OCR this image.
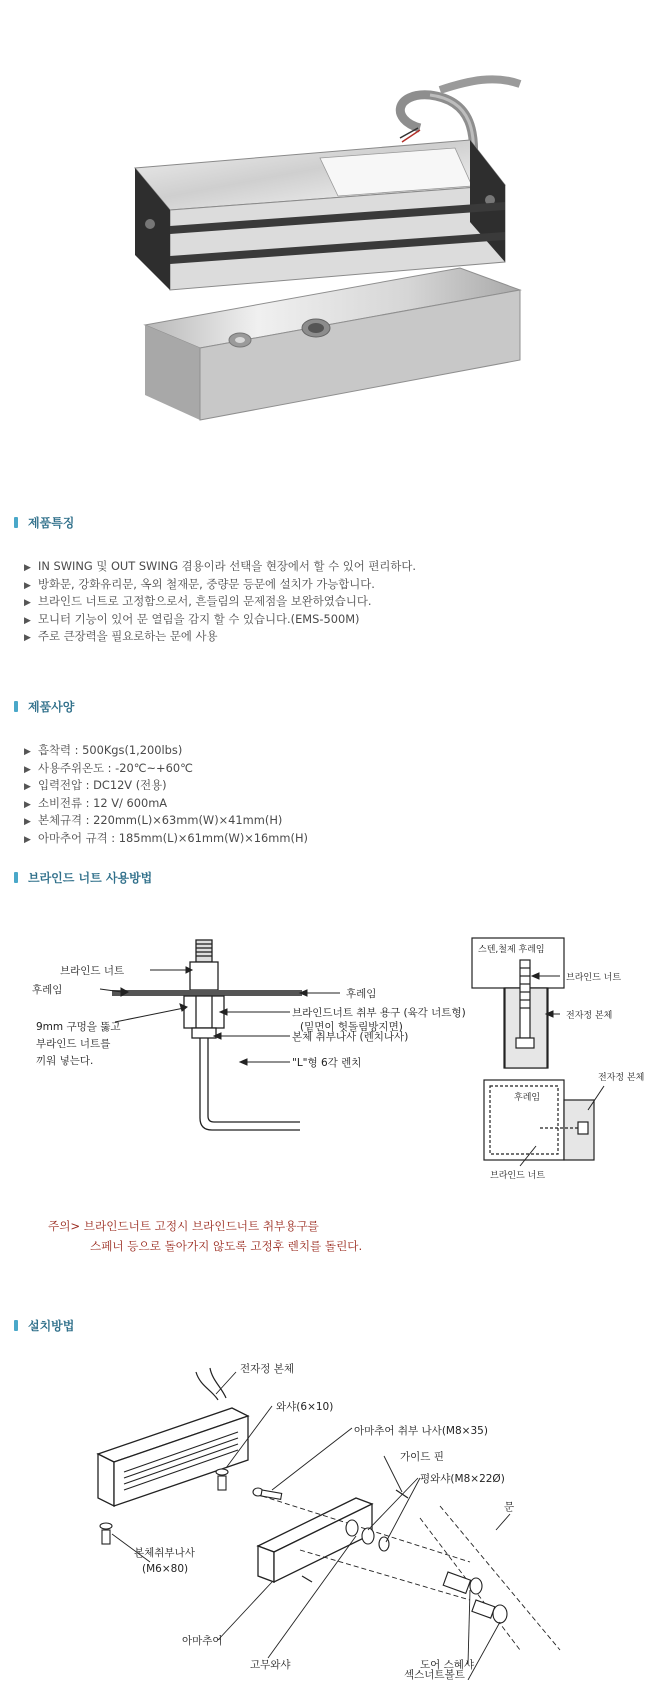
제품특징
▶ IN SWING 및 OUT SWING 겸용이라 선택을 현장에서 할 수 있어 편리하다.
▶ 방화문, 강화유리문, 옥외 철재문, 중량문 등문에 설치가 가능합니다.
▶ 브라인드 너트로 고정함으로서, 흔들림의 문제점을 보완하였습니다.
▶ 모니터 기능이 있어 문 열림을 감지 할 수 있습니다.(EMS-500M)
▶ 주로 큰장력을 필요로하는 문에 사용
제품사양
▶ 흡착력 : 500Kgs(1,200lbs)
▶ 사용주위온도 : -20℃~+60℃
▶ 입력전압 : DC12V (전용)
▶ 소비전류 : 12 V/ 600mA
▶ 본체규격 : 220mm(L)×63mm(W)×41mm(H)
▶ 아마추어 규격 : 185mm(L)×61mm(W)×16mm(H)
브라인드 너트 사용방법
브라인드 너트
후레임	후레임
9mm 구멍을 뚫고
부라인드 너트를
끼워 넣는다.
브라인드너트 취부 용구 (육각 너트형)
(밑면이 헛돌림방지면)
본체 취부나사 (렌치나사)
"L"형 6각 렌치
스텐,철제 후레임
브라인드 너트
전자정 본체
후레임
전자정 본체
브라인드 너트
주의> 브라인드너트 고정시 브라인드너트 취부용구를
스페너 등으로 돌아가지 않도록 고정후 렌치를 돌린다.
설치방법
전자정 본체
와샤(6×10)
아마추어 취부 나사(M8×35)
가이드 핀
평와샤(M8×22Ø)
문
본체취부나사
(M6×80)
아마추어
고무와샤	도어 스혜샤
섹스너트볼트
